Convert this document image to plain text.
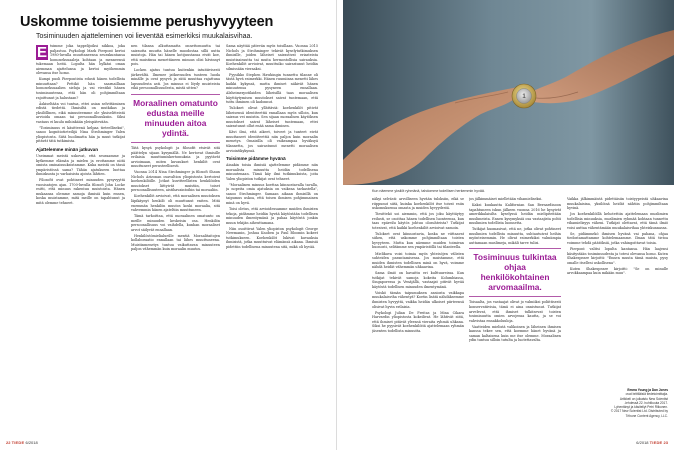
Uskomme toisiemme perushyvyyteen
Tosiminuuden ajatteleminen voi lieventää esimerkiksi muukalaisvihaa.

E tsimme joka tappelijoiksi nikkoa, joka paljastuu. Psykologi Mark Pierpont kertoi 1980-luvulla muuttaneensa seurakuntansa homoseksuaaleja kohtaan ja menneensä tukemaan heitä. Lopulta hän hylkäsi oman aiemman ajattelunsa ja kertoi myöhemmin olevansa itse homo.

Kumpi puoli Pierpontista edusti hänen todellista minuuttaan? Pettikö hän saarnaillaan homoseksuaalien sieluja ja vai viestikö hänen tosiminuutensa, että hän oli pohjimmiltaan rajoittunut ja halustaan?

Äskiseltään voi tuntua, ettei asian selvittäminen edistä tiedettä. Ihmisiltä on mutkikas ja yksilöllinen, eikä minuuteemme ole yksiselitteistä arvioida omaan tai persoonallisuuksiin. Siksi vastaus ei kuulu mihinkään yleispätevään.

"Tosiminuus ei käsitteenä kelpaa tieteelliseksi", sanoo kognitiotieteilijä Nina Strohminger Yalen yliopistosta. Siitä huolimatta hän ja muut tutkijat pitävät tätä tutkimista.

Ajattelemme minän jatkuvan

Useimmat meistä uskovat, että seuraamme ja kytkemme elämän ja mielen ja erottamme niitä omista ominaisuuksistamme. Kuka meistä on tässä ympäristössä sama? Tähän ajatukseen luottaa ihmiskunta jo varhaisista ajoista lähtien.

Filosofit ovat pohtineet minuuden pysyvyyttä vuosisatojen ajan. 1700-luvulla filosofi John Locke esitti, että minuus rakentuu muistoista. Hänen mukaansa olemme samoja ihmisiä kuin ennen, koska muistamme, mitä meille on tapahtunut ja mitä olemme tehneet.

nen tilansa alkuttamatta onnettomuutta tai sairautta muutta hänelle muodostaa sillä uutta muistoja. Hän tai hänen kotijuustansa eivät koe, että muistinsa menettäneen minuus olisi hävinnyt pois.

Locken ajatus tuntuu kuitenkin intuitiivisesti järkevältä. Ilmenee jatkuvuuden tunteen luoda minälle ja ovat pysyvä ja siitä muuttaa rajattuna lapsuudesta asti. Jos minuus ei löydy muisteista eikä persoonallisuudesta, mistä sitten?

Moraalinen omatunto edustaa meille minuuden aitoa ydintä.

Tätä kysyä psykologit ja filosofit etsivät sitä päättelyn sijaan kysymällä. Ne kertovat ihmisille erilaisia muuttumiskertomuksia ja pyytävät arvioimaan, miten kuvaukset henkilöt ovat muuttuneet perusteellisesti.

Vuonna 2014 Nina Strohminger ja filosofi Shaun Nichols Arizonan osavaltion yliopistosta kertoivat koehenkilöille. Jotkut kuvitteellisten henkilöiden muutokset liittyivät muistiin, toiset persoonallisuuteen, aistihavaintoihin tai moraaliin.

Koehenkilöt arvioivat, että moraalisen muutoksen läpikäynyt henkilö oli muuttunut eniten. Mitä enemmän henkilön muutos koski moraalia, sitä vahvemmin hänen ajateltiin muuttuneen.

Tämä tarkoittaa, että moraalinen omatunto on meille minuuden keskeisin osa. Henkilön persoonallisuus voi vaihdella, kunhan moraaliset arvot säilyvät ennallaan.

Henkilöstömielialueille mentiä Moraalitaitojen kollaboraatio ennallaan tai lähes muuttuneena. Muistinmenetys tuntuu vaikuttavan minuuteen paljon vähemmän kuin moraalin muutos.

Sama näyttää pätevän myös toisillaan. Vuonna 2015 Nichols ja Strohminger tekivät kyselytutkimuksen ihmisille, joiden läheiset sairastivat eriasteista muistisairautta tai muita hermostollisia sairauksia. Koehenkilöt arvioivat, muuttuiko sairastunut heidän silmissään vieraaksi.

Fyysikko Stephen Hawkingin tunnettu tilanne oli tästä hyvä esimerkki. Hänen ruumiinsa menetti lähes kaikki kykynsä, mutta ihmiset näkivät hänen minuutensa pysyneen ennallaan. Alzheimerpotilaiden läheisillä taas moraalisen käyttäytymisen muutokset saivat tuntemaan, että tuttu ihminen oli kadonnut.

Tulokset olivat yllättäviä: koehenkilöt pitivät läheisensä identiteettiä ennallaan myös silloin, kun sairaus vei muistin. Sen sijaan moraalisen käytöksen muutokset saivat läheiset tuntemaan, ettei sairastunut ollut enää sama ihminen.

Kävi ilmi, että aikeet, toiveet ja tunteet eivät muuttaneet identiteettiä niin paljon kuin moraalin menetys. Omaisilla oli vaikeampaa hyväksyä tilannetta, jos sairastunut menetti moraalisen arviointikykynsä.

Toisimme pidämme hyvänä

Ainakin toisia ihmisiä ajattelemme pidämme niin moraalista minuutta heidän todellisena minuutenaan. Tämä käy ilmi tutkimuksista, joita Yalen yliopiston tutkijat ovat tehneet.

"Moraalinen minuus koettaa kiinnostavalla tavalla, ja nopeita omia ajatuksia on vaikeaa tarkastella", sanoo Strohminger. Samaan aikaan ihmisillä on taipumus uskoa, että toisen ihmisen pohjimmainen minä on hyvä.

Toisi oletus, että arvioidessamme muiden ihmisten tekoja, pidämme heidän hyvää käytöstään todellisen minuuden ilmentymänä ja pahaa käytöstä jonkin muun tekijän aiheuttamana.

Niin osoittivat Yalen yliopiston psykologit George Newmanin, Joshua Knoben ja Paul Bloomin kokeet tutkimukseen. Koehenkilöt lukivat kuvauksia ihmisistä, jotka muuttuivat elämänsä aikana. Ihmisiä pidettiin todellisena minuutena sitä, mikä oli hyvää.

1
Kun näemme yksilöt ryhmänä, tahdomme todellisen herkemmin hyvää.

näkyi selvästi: arvolliseen hyvään tuloksiin, eikä se riippunut siitä, kuinka koehenkilöt itse toivat esiin uskomuksensa omasta ja muiden hyvyydestä.

Tiesittekö soi aiemmin, että jos joku käyttäytyy reilusti, se osoittaa hänen todellisen luonteensa, kun taas epäreilu käytös johtuu olosuhteista? Tutkijat totesivat, että kaikki koehenkilöt arvioivat samoin.

Tulokset ovat kiinnostavia, koska ne viittaavat siihen, että uskomme pohjimmiltaan toisten hyvyyteen. Mutta kun näemme muiden toimivan huonosti, selitämme sen ympäristöllä tai tilanteella.

Mielikuva voisi toimia myös yhteisöjen välisten suhteiden parantamisessa. Jos muistamme, että muiden ihmisten todellinen minä on hyvä, voimme nähdä heidät vähemmän uhkaavina.

Sama ilmiö on havaittu eri kulttuureissa. Kun tutkijat tekivät samoja kokeita Kolumbiassa, Singaporessa ja Venäjällä, vastaajat pitivät hyvää käytöstä todellisen minuuden ilmentymänä.

Voiskö tämän taipumuksen ansiosta vaikkapa muukalaisviha vähentyä? Koetin lisätä nähdäksemme ihmisten hyvyyttä, vaikka heidän ulkoiset piirteensä olisivat hyvin erilaisia.

Psykologi Julian De Freitas ja Mina Cikara Harvardin yliopistosta kokeilivat. He lähtivät siitä, että ihmiset pitävät yleensä vieraita ryhmiä uhkana. Siksi he pyysivät koehenkilöitä ajattelemaan ryhmän jäsenten todellista minuutta.

jos jälkimmäiset mielletään vihamieliseksi.

Kaksi kuukautta Kalifornian San Bernardinoon tapahtuneen iskun jälkeen vuonna 2016 he kysyivät amerikkalaisilta kyselyssä heidän mielipiteitään muslimeista. Ennen kysymyksiä osa vastaajista pohti muslimien todellista luonnetta.

Tutkijat huomasivat, että ne, jotka olivat pohtineet muslimien todellista minuutta, suhtautuivat heihin myönteisemmin. He olivat esimerkiksi valmiimpia auttamaan muslimeja, mikäli tarve tulisi.

Tosiminuus tulkintaa ohjaa henkilökohtainen arvomaailma.

Toisaalta, jos vastaajat olivat jo valmiiksi poliittisesti konservatiivisia, tämä ei aina onnistunut. Tutkijat arvelevat, että ihmiset tulkitsevat toisten tosiminuutta omien arvojensa kautta, ja se voi vahvistaa ennakkoluuloja.

Vaatteiden mielistä valikoinen ja läheinen ihmisen kanssa tekee sen, että koemme hänet hyvänä ja saman kaltaisena kuin me itse olemme. Moraalinen ydin tuntuu silloin tutulta ja luotettavalta.

Vaikka jälkimmäistä pidettäisiin toistyypeistä uhkaavina muukalaisina, yksilöinä heidät nähtiin pohjimmiltaan hyvinä.

Jos koehenkilöillä kehotettiin ajattelemaan muslimien todellisia minuuksia, muslimien ryhmää kohtaan tunnettu vihamielisyys väheni. Tutkijat olettavat, että tämä ilmiö voisi auttaa vähentämään muukalaisvihaa yhteiskunnassa.

Se, pidämmekö ihmisen hyvänä vai pahana, ohjaa tiedostamattamme kohtelemaamme. Ilman tätä tietoa voimme tehdä päätöksiä, jotka vahingoittavat toisia.

Pierpont valitsi lopulta kantansa. Hän laajensi käsitystään tosiminuudesta ja totesi olevansa homo. Kuten Shakespeare kirjoitti: "Ennen muuta tämä muista, pysy omalle itsellesi uskollisena".

Kuten Shakespeare kirjoitti: "Se on minulle arvokkaampaa kuin mikään muu".

Emma Young ja Dan Jones
ovat brittiläisiä tiedetoimittajia.
Artikkeli on julkaistu New Scientist
-lehdessä 22. huhtikuuta 2017.
Lyhentänyt ja käsitellyt Petri Riikonen.
© 2017 New Scientist Ltd. Distributed by
Tribune Content Agency, LLC.
22 TIEDE 6/2018	6/2018 TIEDE 23
